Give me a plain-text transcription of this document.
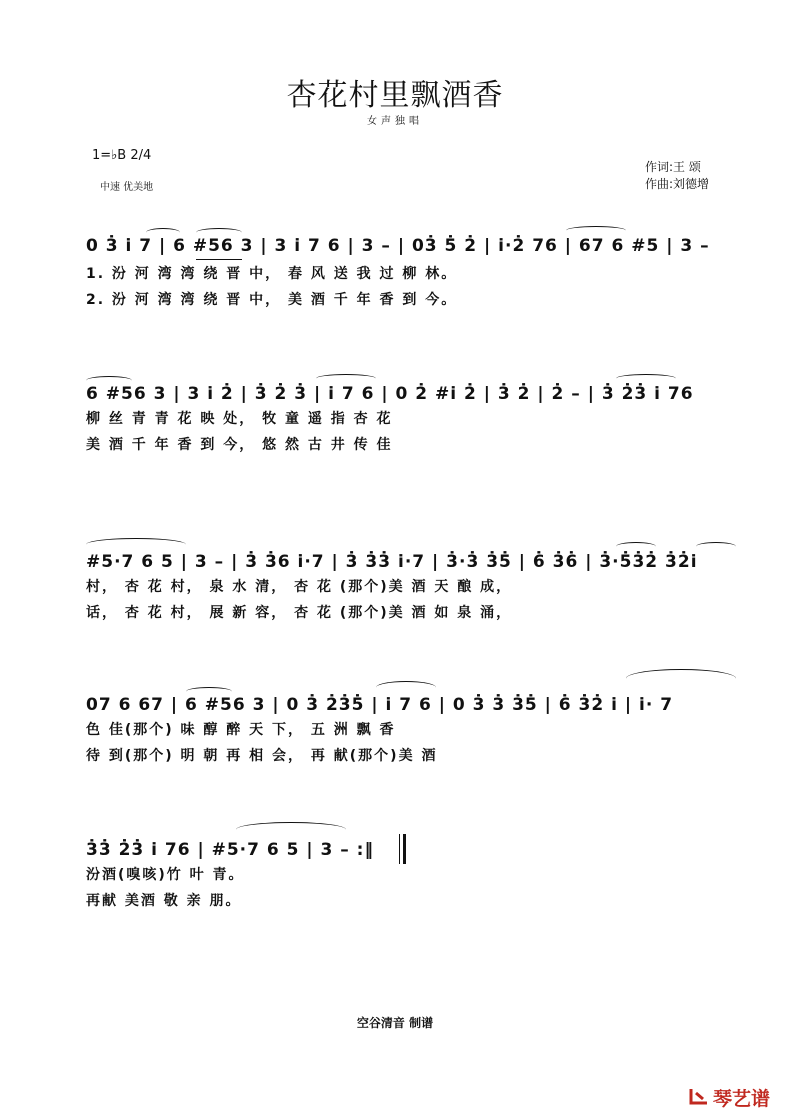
杏花村里飘酒香
女声独唱
1=♭B 2/4
中速 优美地
作词:王 颂
作曲:刘德增
0 3̇ i̇ 7 | 6 #56 3 | 3 i̇ 7 6 | 3 – | 03̇ 5̇ 2̇ | i̇·2̇ 76 | 67 6 #5 | 3 –
1. 汾 河 湾 湾 绕 晋 中， 春 风 送 我 过 柳 林。
2. 汾 河 湾 湾 绕 晋 中， 美 酒 千 年 香 到 今。
6 #56 3 | 3 i̇ 2̇ | 3̇ 2̇ 3̇ | i̇ 7 6 | 0 2̇ #i̇ 2̇ | 3̇ 2̇ | 2̇ – | 3̇ 2̇3̇ i̇ 76
柳 丝 青 青 花 映 处， 牧 童 遥 指 杏 花
美 酒 千 年 香 到 今， 悠 然 古 井 传 佳
#5·7 6 5 | 3 – | 3̇ 3̇6 i̇·7 | 3̇ 3̇3̇ i̇·7 | 3̇·3̇ 3̇5̇ | 6̇ 3̇6̇ | 3̇·5̇3̇2̇ 3̇2̇i̇
村， 杏 花 村， 泉 水 清， 杏 花 (那个)美 酒 天 酿 成，
话， 杏 花 村， 展 新 容， 杏 花 (那个)美 酒 如 泉 涌，
07 6 67 | 6 #56 3 | 0 3̇ 2̇3̇5̇ | i̇ 7 6 | 0 3̇ 3̇ 3̇5̇ | 6̇ 3̇2̇ i̇ | i̇· 7
色 佳(那个) 味 醇 醉 天 下， 五 洲 飘 香
待 到(那个) 明 朝 再 相 会， 再 献(那个)美 酒
3̇3̇ 2̇3̇ i̇ 76 | #5·7 6 5 | 3 – :‖
汾酒(嗅咳)竹 叶 青。
再献 美酒 敬 亲 朋。
空谷清音 制谱
琴艺谱
